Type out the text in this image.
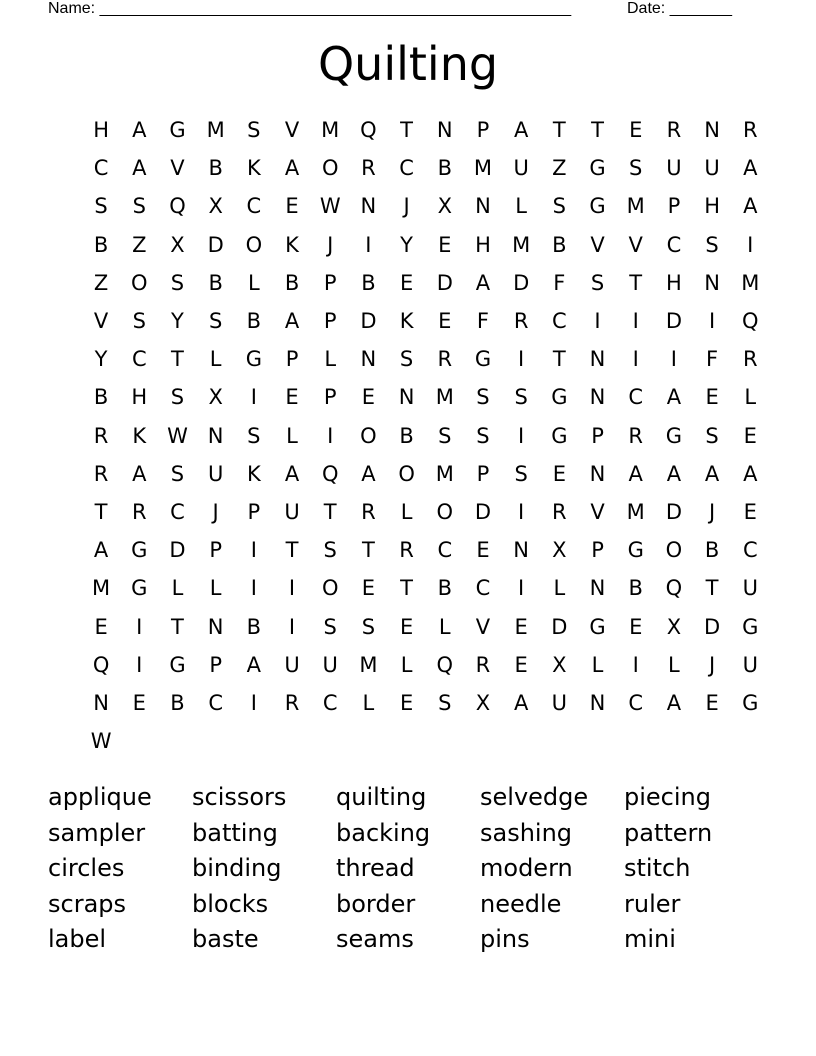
Name: _____________________________________________________	Date: _______
Quilting
H	A	G M	S	V	M Q	T	N	P	A	T	T	E	R	N	R
C	A	V	B	K	A	O	R	C	B	M	U	Z	G	S	U	U	A
S	S	Q	X	C	E	W N	J	X	N	L	S	G M	P	H	A
B	Z	X	D	O	K	J	I	Y	E	H	M	B	V	V	C	S	I
Z	O	S	B	L	B	P	B	E	D	A	D	F	S	T	H	N	M
V	S	Y	S	B	A	P	D	K	E	F	R	C	I	I	D	I	Q
Y	C	T	L	G	P	L	N	S	R	G	I	T	N	I	I	F	R
B	H	S	X	I	E	P	E	N	M	S	S	G	N	C	A	E	L
R	K W N	S	L	I	O	B	S	S	I	G	P	R	G	S	E
R	A	S	U	K	A	Q	A	O M	P	S	E	N	A	A	A	A
T	R	C	J	P	U	T	R	L	O	D	I	R	V	M	D	J	E
A	G	D	P	I	T	S	T	R	C	E	N	X	P	G	O	B	C
M G	L	L	I	I	O	E	T	B	C	I	L	N	B	Q	T	U
E	I	T	N	B	I	S	S	E	L	V	E	D	G	E	X	D	G
Q	I	G	P	A	U	U	M	L	Q	R	E	X	L	I	L	J	U
N	E	B	C	I	R	C	L	E	S	X	A	U	N	C	A	E	G
W
applique	scissors	quilting	selvedge	piecing
sampler	batting	backing	sashing	pattern
circles	binding	thread	modern	stitch
scraps	blocks	border	needle	ruler
label	baste	seams	pins	mini
